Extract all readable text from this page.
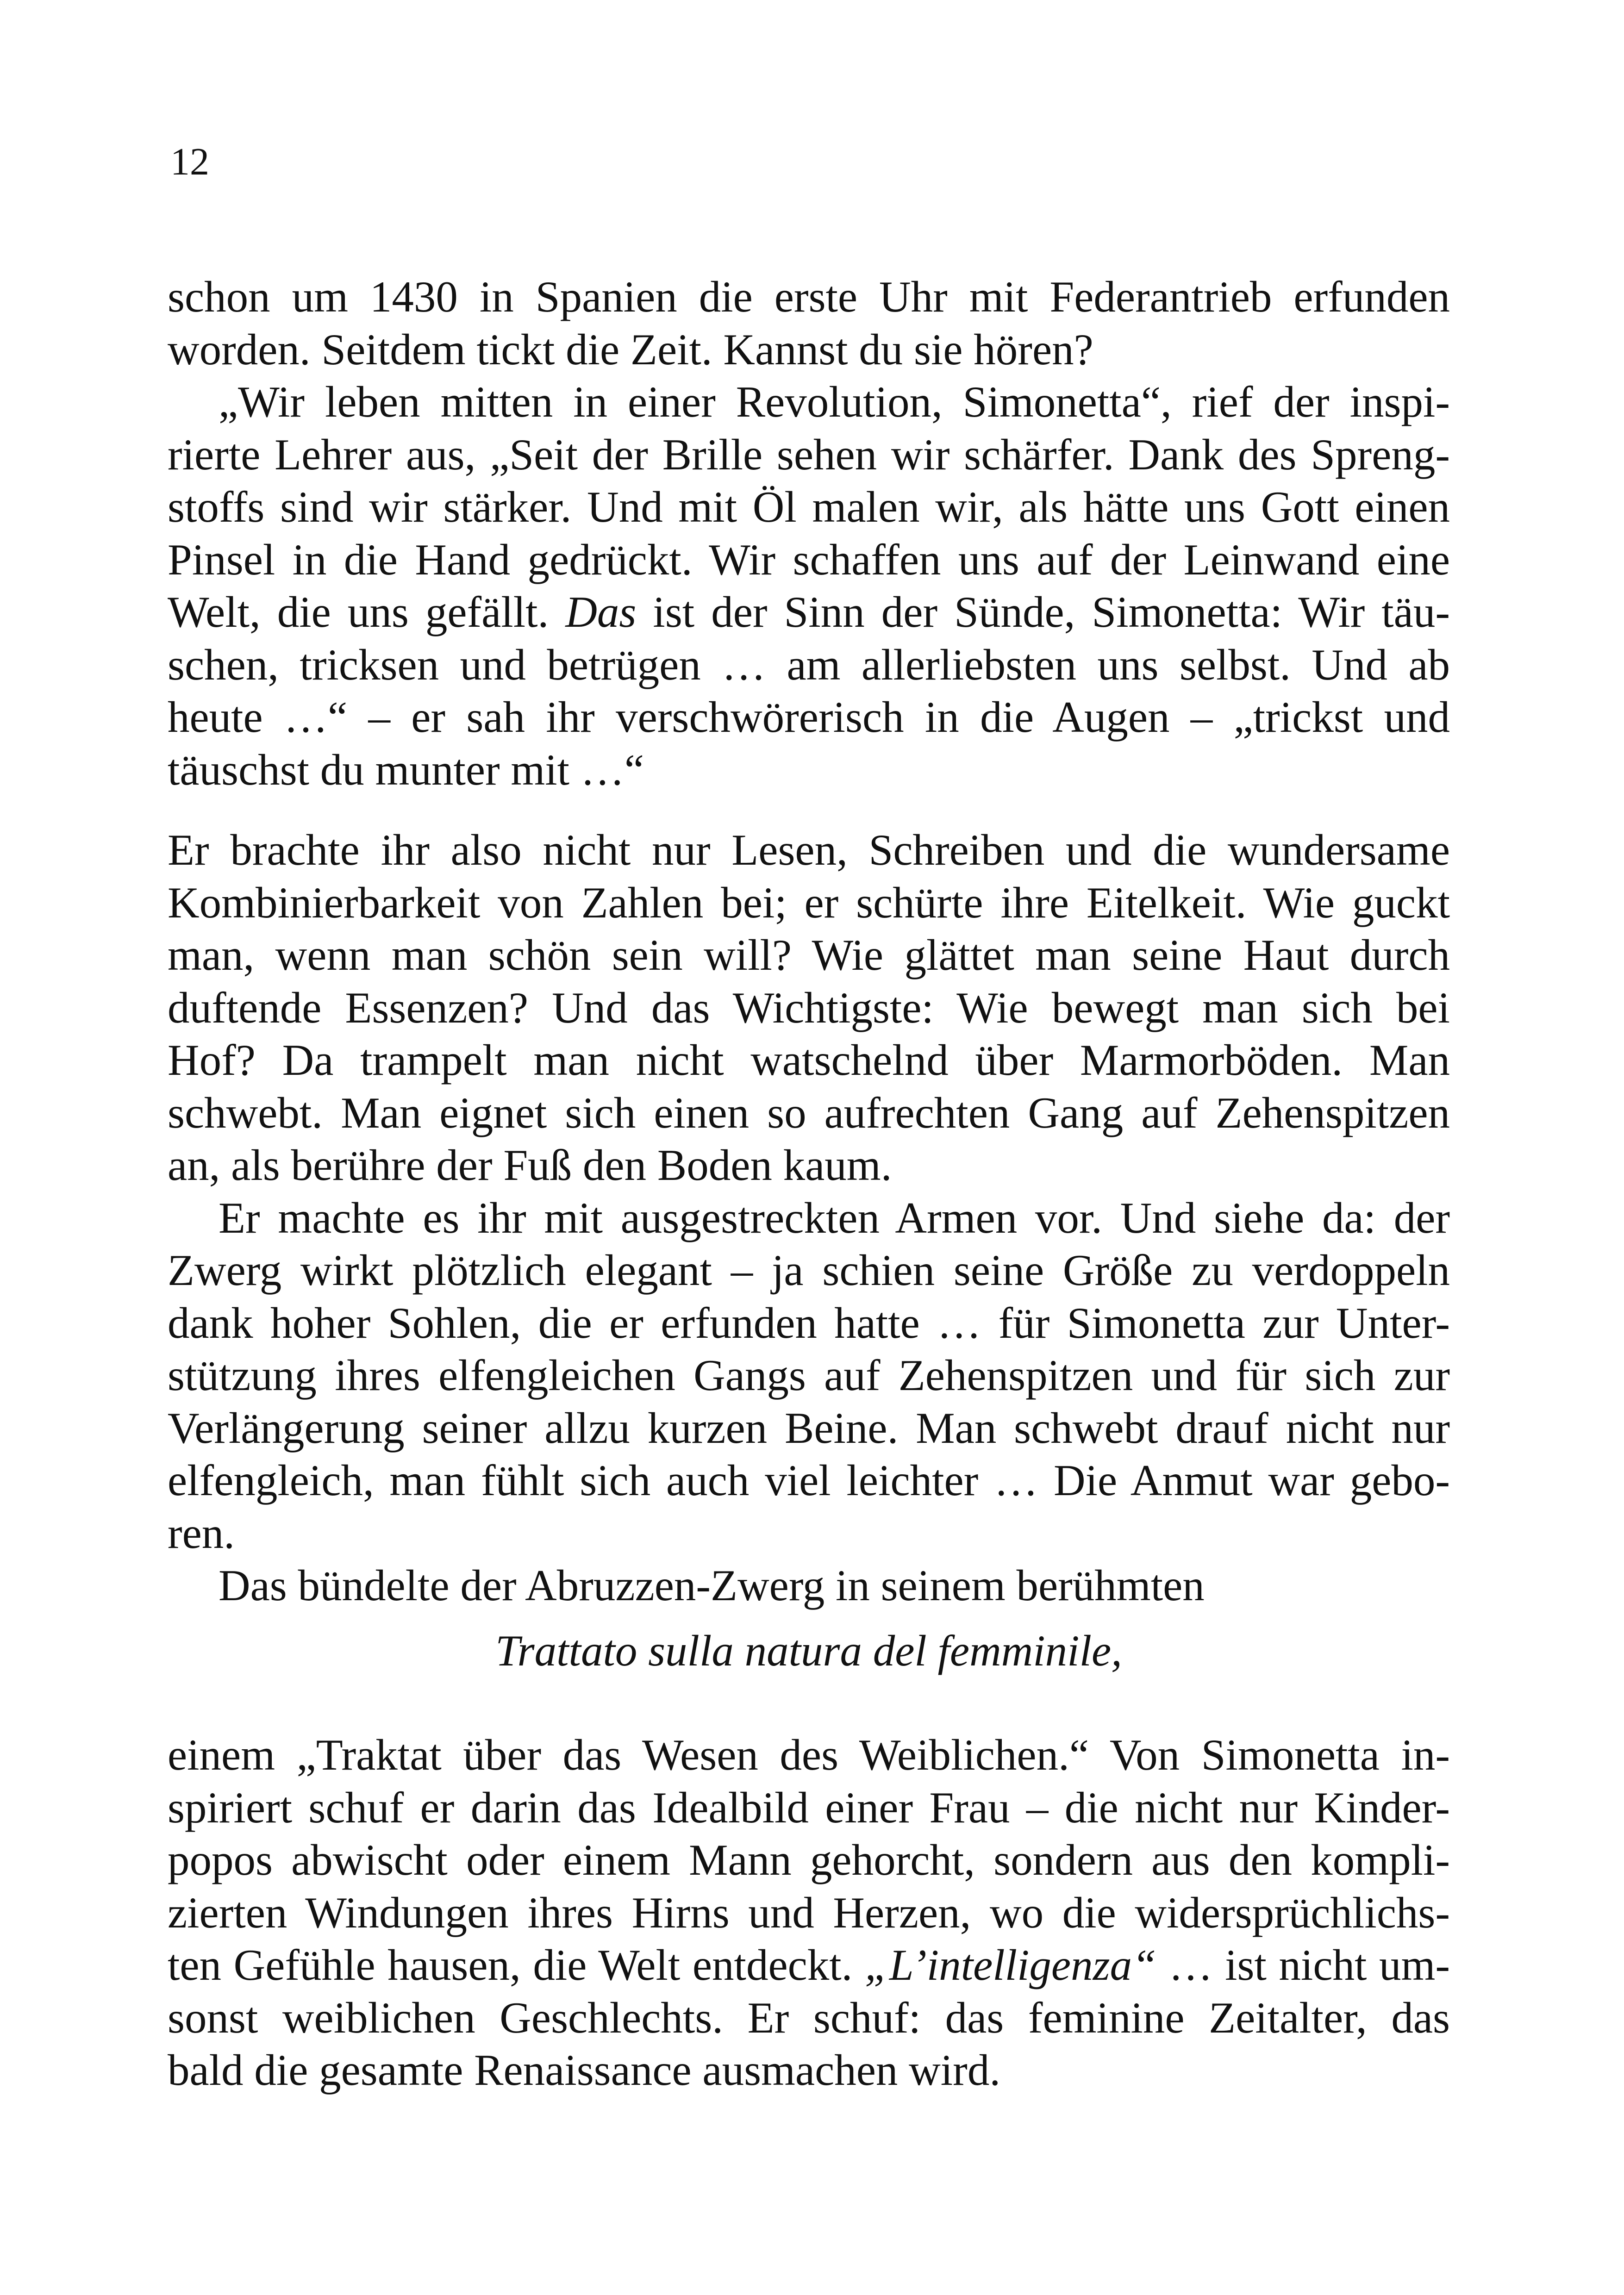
12
schon um 1430 in Spanien die erste Uhr mit Federantrieb erfunden
worden. Seitdem tickt die Zeit. Kannst du sie hören?
„Wir leben mitten in einer Revolution, Simonetta“, rief der inspi-
rierte Lehrer aus, „Seit der Brille sehen wir schärfer. Dank des Spreng-
stoffs sind wir stärker. Und mit Öl malen wir, als hätte uns Gott einen
Pinsel in die Hand gedrückt. Wir schaffen uns auf der Leinwand eine
Welt, die uns gefällt. Das ist der Sinn der Sünde, Simonetta: Wir täu-
schen, tricksen und betrügen … am allerliebsten uns selbst. Und ab
heute …“ – er sah ihr verschwörerisch in die Augen – „trickst und
täuschst du munter mit …“
Er brachte ihr also nicht nur Lesen, Schreiben und die wundersame
Kombinierbarkeit von Zahlen bei; er schürte ihre Eitelkeit. Wie guckt
man, wenn man schön sein will? Wie glättet man seine Haut durch
duftende Essenzen? Und das Wichtigste: Wie bewegt man sich bei
Hof? Da trampelt man nicht watschelnd über Marmorböden. Man
schwebt. Man eignet sich einen so aufrechten Gang auf Zehenspitzen
an, als berühre der Fuß den Boden kaum.
Er machte es ihr mit ausgestreckten Armen vor. Und siehe da: der
Zwerg wirkt plötzlich elegant – ja schien seine Größe zu verdoppeln
dank hoher Sohlen, die er erfunden hatte … für Simonetta zur Unter-
stützung ihres elfengleichen Gangs auf Zehenspitzen und für sich zur
Verlängerung seiner allzu kurzen Beine. Man schwebt drauf nicht nur
elfengleich, man fühlt sich auch viel leichter … Die Anmut war gebo-
ren.
Das bündelte der Abruzzen-Zwerg in seinem berühmten
Trattato sulla natura del femminile,
einem „Traktat über das Wesen des Weiblichen.“ Von Simonetta in-
spiriert schuf er darin das Idealbild einer Frau – die nicht nur Kinder-
popos abwischt oder einem Mann gehorcht, sondern aus den kompli-
zierten Windungen ihres Hirns und Herzen, wo die widersprüchlichs-
ten Gefühle hausen, die Welt entdeckt. „L’intelligenza“ … ist nicht um-
sonst weiblichen Geschlechts. Er schuf: das feminine Zeitalter, das
bald die gesamte Renaissance ausmachen wird.
